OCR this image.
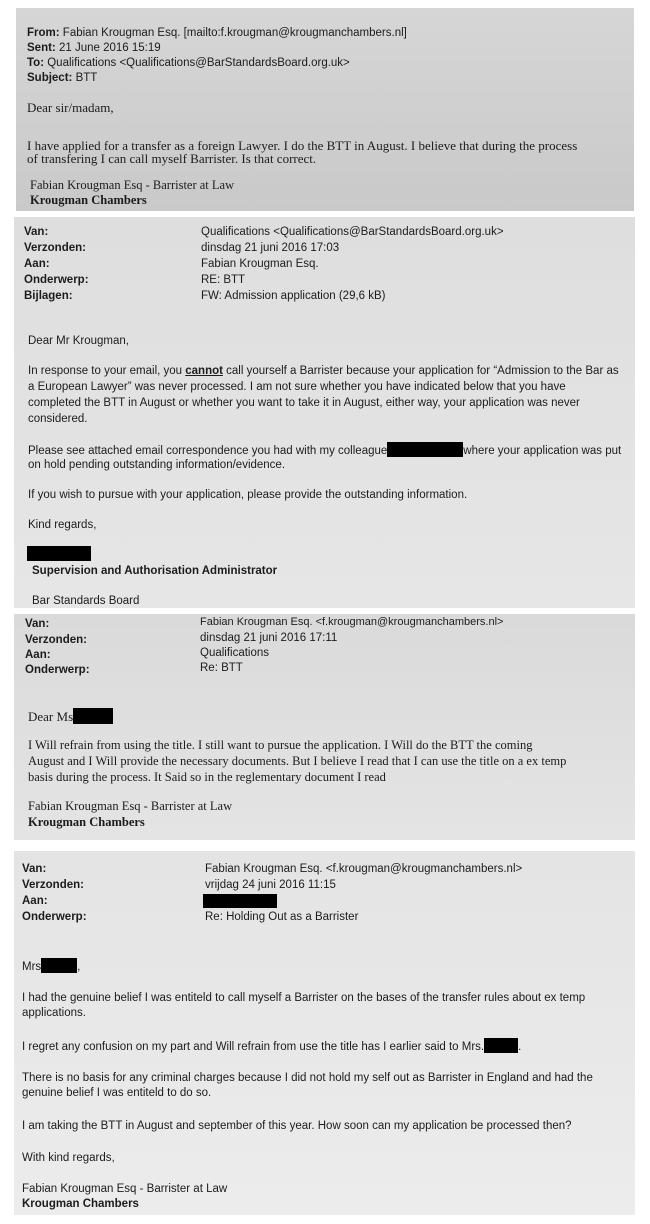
From: Fabian Krougman Esq. [mailto:f.krougman@krougmanchambers.nl]
Sent: 21 June 2016 15:19
To: Qualifications <Qualifications@BarStandardsBoard.org.uk>
Subject: BTT
Dear sir/madam,
I have applied for a transfer as a foreign Lawyer. I do the BTT in August. I believe that during the process
of transfering I can call myself Barrister. Is that correct.
Fabian Krougman Esq - Barrister at Law
Krougman Chambers
Van:	Qualifications <Qualifications@BarStandardsBoard.org.uk>
Verzonden:	dinsdag 21 juni 2016 17:03
Aan:	Fabian Krougman Esq.
Onderwerp:	RE: BTT
Bijlagen:	FW: Admission application (29,6 kB)
Dear Mr Krougman,
In response to your email, you cannot call yourself a Barrister because your application for “Admission to the Bar as
a European Lawyer” was never processed. I am not sure whether you have indicated below that you have
completed the BTT in August or whether you want to take it in August, either way, your application was never
considered.
Please see attached email correspondence you had with my colleague	where your application was put
on hold pending outstanding information/evidence.
If you wish to pursue with your application, please provide the outstanding information.
Kind regards,
Supervision and Authorisation Administrator
Bar Standards Board
Van:	Fabian Krougman Esq. <f.krougman@krougmanchambers.nl>
Verzonden:	dinsdag 21 juni 2016 17:11
Aan:	Qualifications
Onderwerp:	Re: BTT
Dear Ms
I Will refrain from using the title. I still want to pursue the application. I Will do the BTT the coming
August and I Will provide the necessary documents. But I believe I read that I can use the title on a ex temp
basis during the process. It Said so in the reglementary document I read
Fabian Krougman Esq - Barrister at Law
Krougman Chambers
Van:	Fabian Krougman Esq. <f.krougman@krougmanchambers.nl>
Verzonden:	vrijdag 24 juni 2016 11:15
Aan:
Onderwerp:	Re: Holding Out as a Barrister
Mrs	,
I had the genuine belief I was entiteld to call myself a Barrister on the bases of the transfer rules about ex temp
applications.
I regret any confusion on my part and Will refrain from use the title has I earlier said to Mrs.	.
There is no basis for any criminal charges because I did not hold my self out as Barrister in England and had the
genuine belief I was entiteld to do so.
I am taking the BTT in August and september of this year. How soon can my application be processed then?
With kind regards,
Fabian Krougman Esq - Barrister at Law
Krougman Chambers
